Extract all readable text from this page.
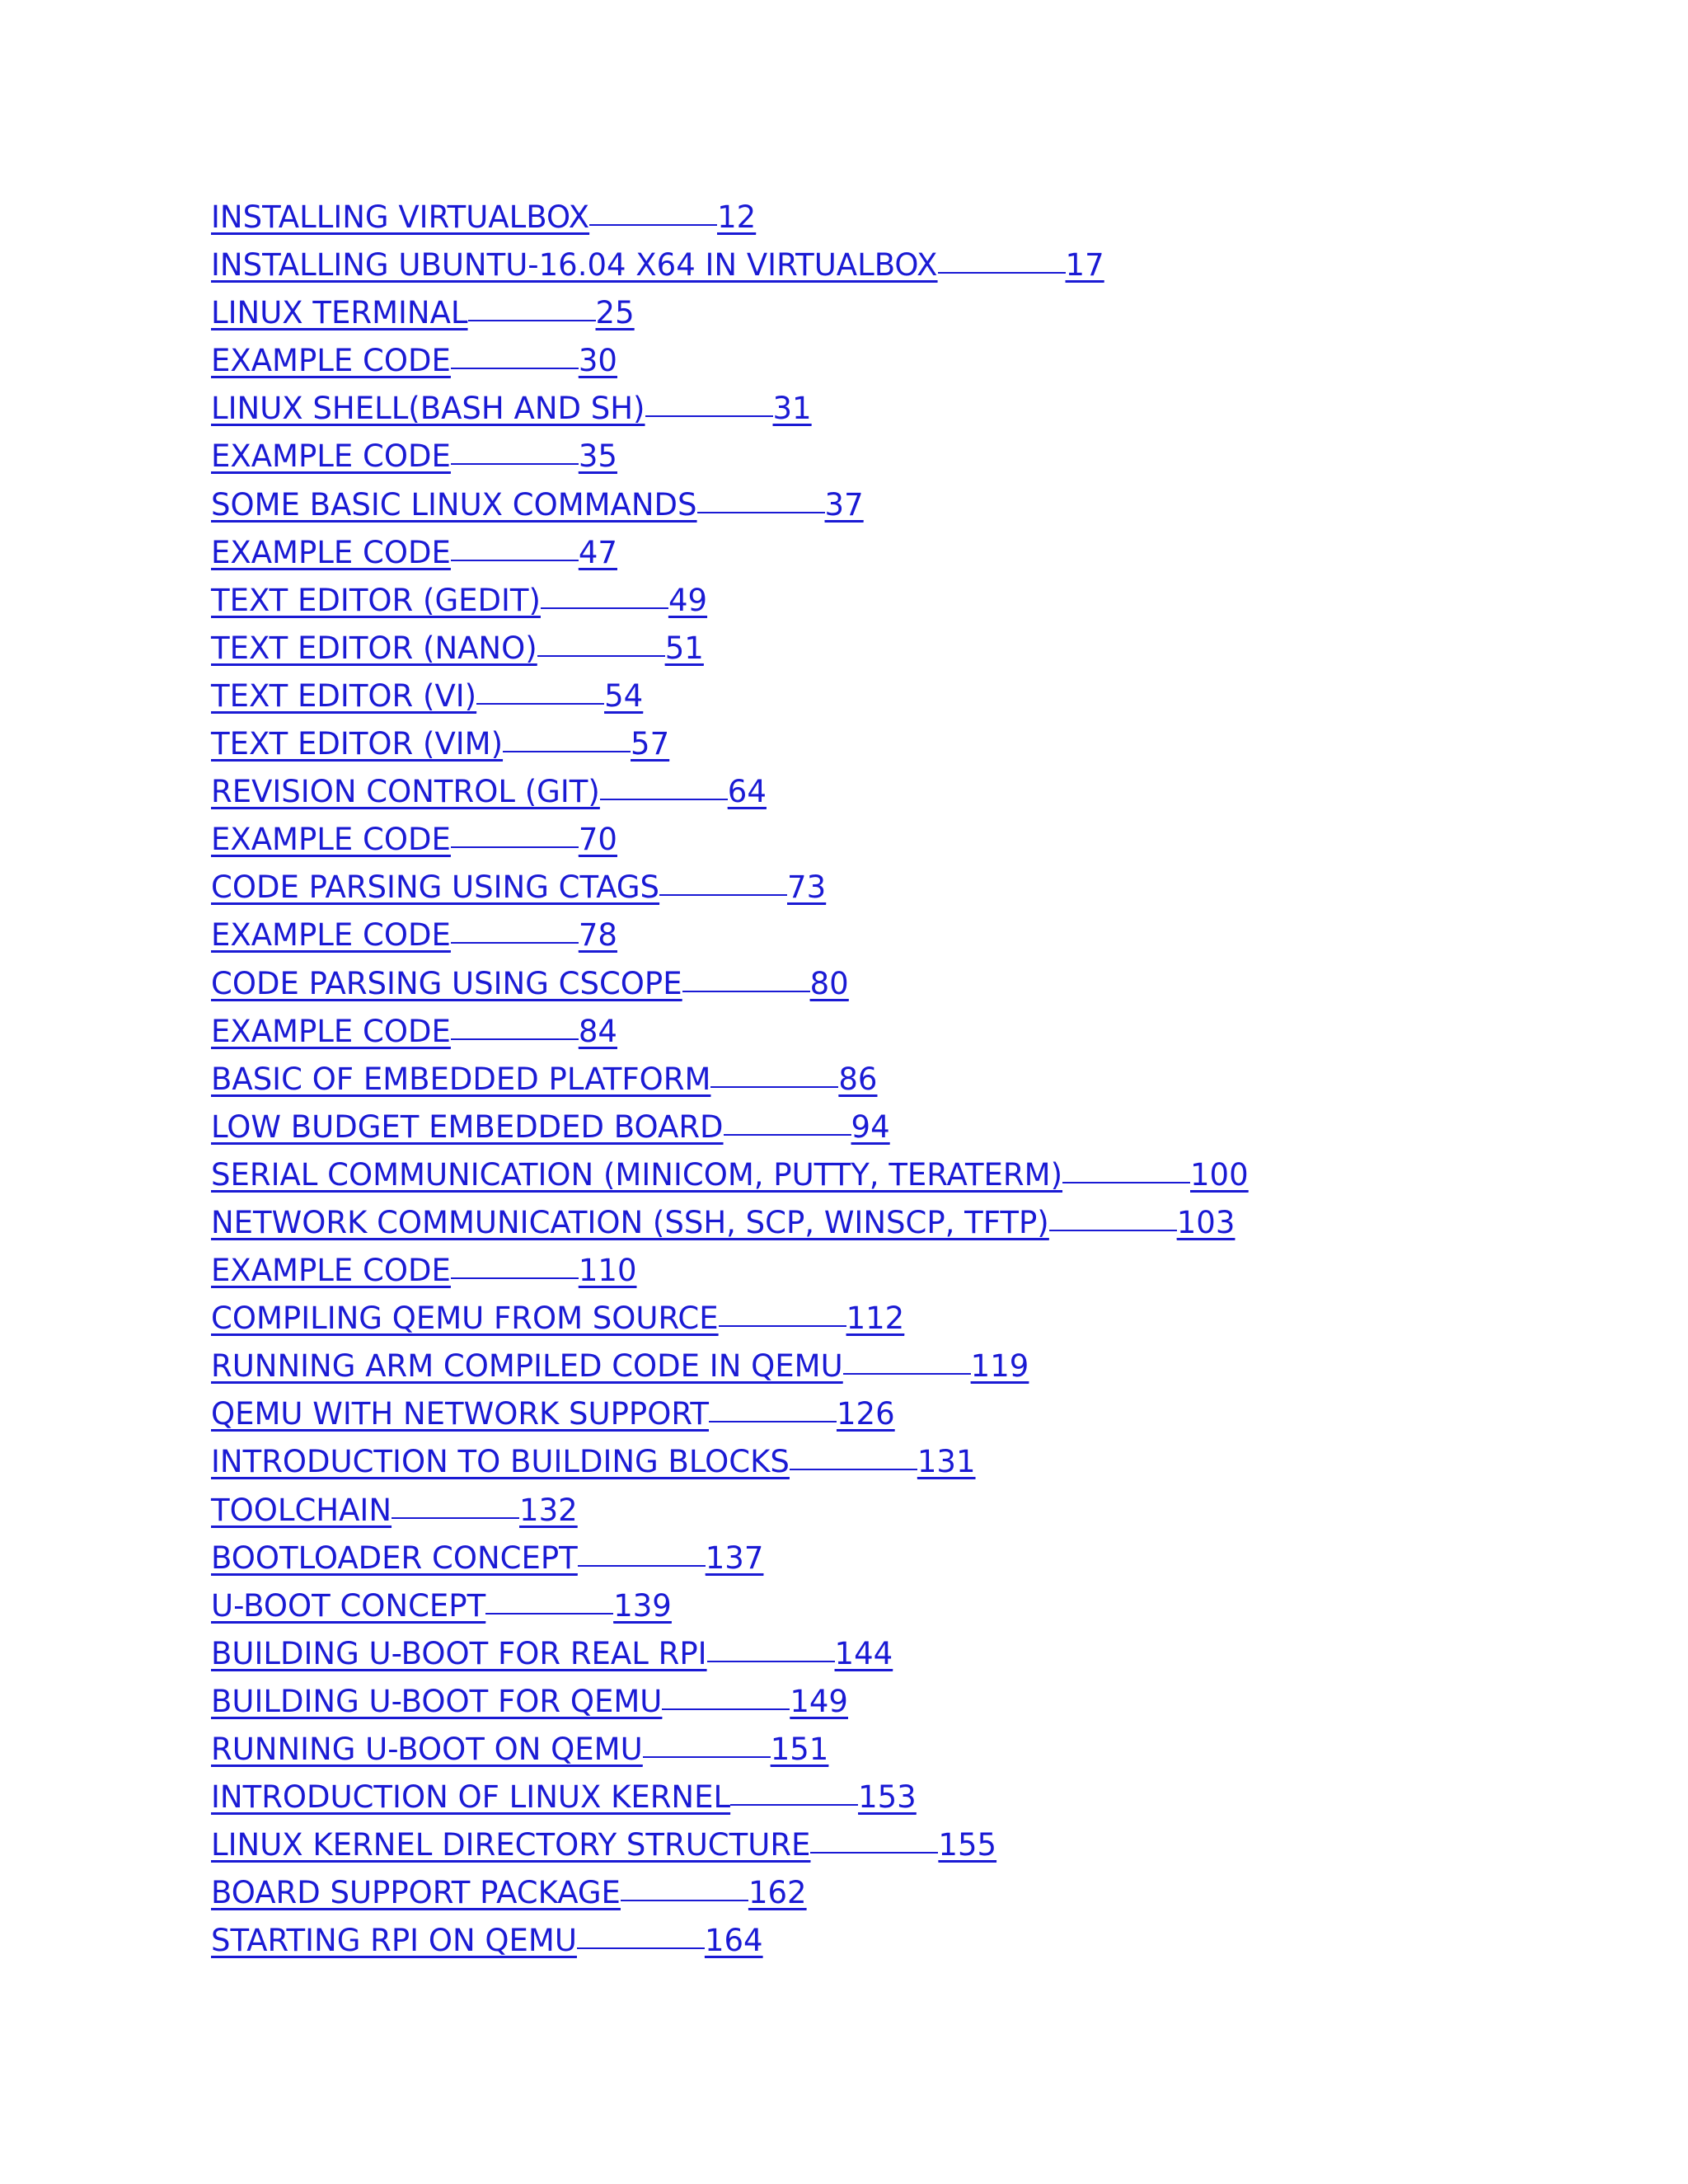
INSTALLING VIRTUALBOX	12
INSTALLING UBUNTU-16.04 X64 IN VIRTUALBOX	17
LINUX TERMINAL	25
EXAMPLE CODE	30
LINUX SHELL(BASH AND SH)	31
EXAMPLE CODE	35
SOME BASIC LINUX COMMANDS	37
EXAMPLE CODE	47
TEXT EDITOR (GEDIT)	49
TEXT EDITOR (NANO)	51
TEXT EDITOR (VI)	54
TEXT EDITOR (VIM)	57
REVISION CONTROL (GIT)	64
EXAMPLE CODE	70
CODE PARSING USING CTAGS	73
EXAMPLE CODE	78
CODE PARSING USING CSCOPE	80
EXAMPLE CODE	84
BASIC OF EMBEDDED PLATFORM	86
LOW BUDGET EMBEDDED BOARD	94
SERIAL COMMUNICATION (MINICOM, PUTTY, TERATERM)	100
NETWORK COMMUNICATION (SSH, SCP, WINSCP, TFTP)	103
EXAMPLE CODE	110
COMPILING QEMU FROM SOURCE	112
RUNNING ARM COMPILED CODE IN QEMU	119
QEMU WITH NETWORK SUPPORT	126
INTRODUCTION TO BUILDING BLOCKS	131
TOOLCHAIN	132
BOOTLOADER CONCEPT	137
U-BOOT CONCEPT	139
BUILDING U-BOOT FOR REAL RPI	144
BUILDING U-BOOT FOR QEMU	149
RUNNING U-BOOT ON QEMU	151
INTRODUCTION OF LINUX KERNEL	153
LINUX KERNEL DIRECTORY STRUCTURE	155
BOARD SUPPORT PACKAGE	162
STARTING RPI ON QEMU	164
